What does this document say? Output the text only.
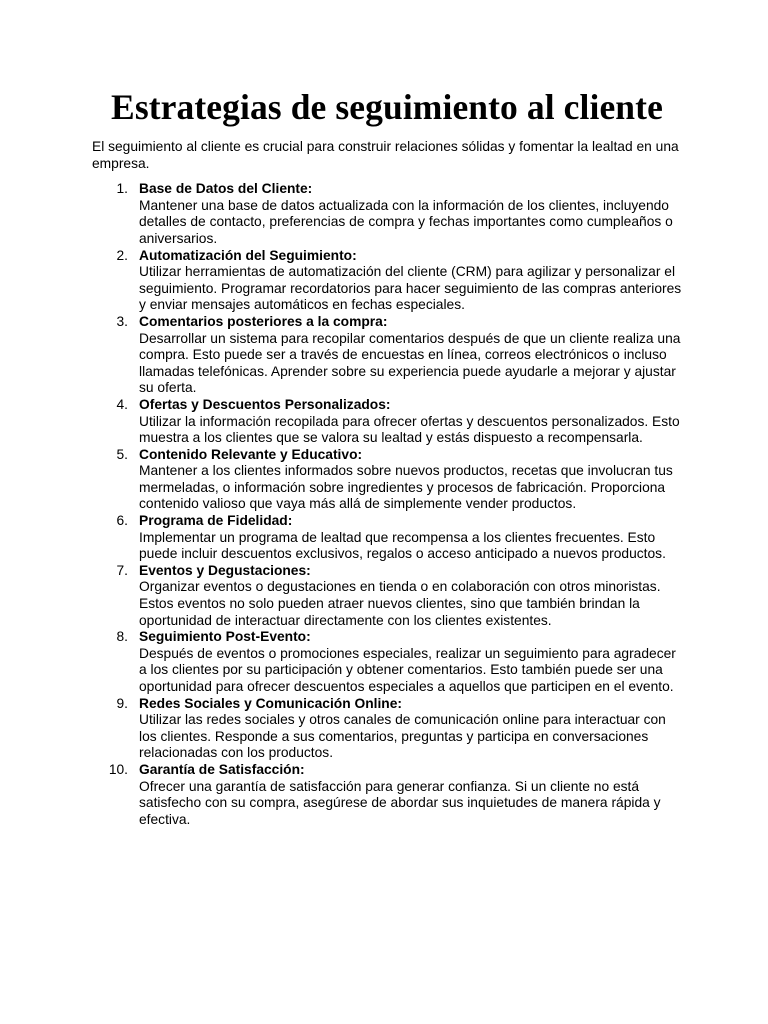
Estrategias de seguimiento al cliente

El seguimiento al cliente es crucial para construir relaciones sólidas y fomentar la lealtad en una empresa.

1. Base de Datos del Cliente:
Mantener una base de datos actualizada con la información de los clientes, incluyendo detalles de contacto, preferencias de compra y fechas importantes como cumpleaños o aniversarios.
2. Automatización del Seguimiento:
Utilizar herramientas de automatización del cliente (CRM) para agilizar y personalizar el seguimiento. Programar recordatorios para hacer seguimiento de las compras anteriores y enviar mensajes automáticos en fechas especiales.
3. Comentarios posteriores a la compra:
Desarrollar un sistema para recopilar comentarios después de que un cliente realiza una compra. Esto puede ser a través de encuestas en línea, correos electrónicos o incluso llamadas telefónicas. Aprender sobre su experiencia puede ayudarle a mejorar y ajustar su oferta.
4. Ofertas y Descuentos Personalizados:
Utilizar la información recopilada para ofrecer ofertas y descuentos personalizados. Esto muestra a los clientes que se valora su lealtad y estás dispuesto a recompensarla.
5. Contenido Relevante y Educativo:
Mantener a los clientes informados sobre nuevos productos, recetas que involucran tus mermeladas, o información sobre ingredientes y procesos de fabricación. Proporciona contenido valioso que vaya más allá de simplemente vender productos.
6. Programa de Fidelidad:
Implementar un programa de lealtad que recompensa a los clientes frecuentes. Esto puede incluir descuentos exclusivos, regalos o acceso anticipado a nuevos productos.
7. Eventos y Degustaciones:
Organizar eventos o degustaciones en tienda o en colaboración con otros minoristas. Estos eventos no solo pueden atraer nuevos clientes, sino que también brindan la oportunidad de interactuar directamente con los clientes existentes.
8. Seguimiento Post-Evento:
Después de eventos o promociones especiales, realizar un seguimiento para agradecer a los clientes por su participación y obtener comentarios. Esto también puede ser una oportunidad para ofrecer descuentos especiales a aquellos que participen en el evento.
9. Redes Sociales y Comunicación Online:
Utilizar las redes sociales y otros canales de comunicación online para interactuar con los clientes. Responde a sus comentarios, preguntas y participa en conversaciones relacionadas con los productos.
10. Garantía de Satisfacción:
Ofrecer una garantía de satisfacción para generar confianza. Si un cliente no está satisfecho con su compra, asegúrese de abordar sus inquietudes de manera rápida y efectiva.
